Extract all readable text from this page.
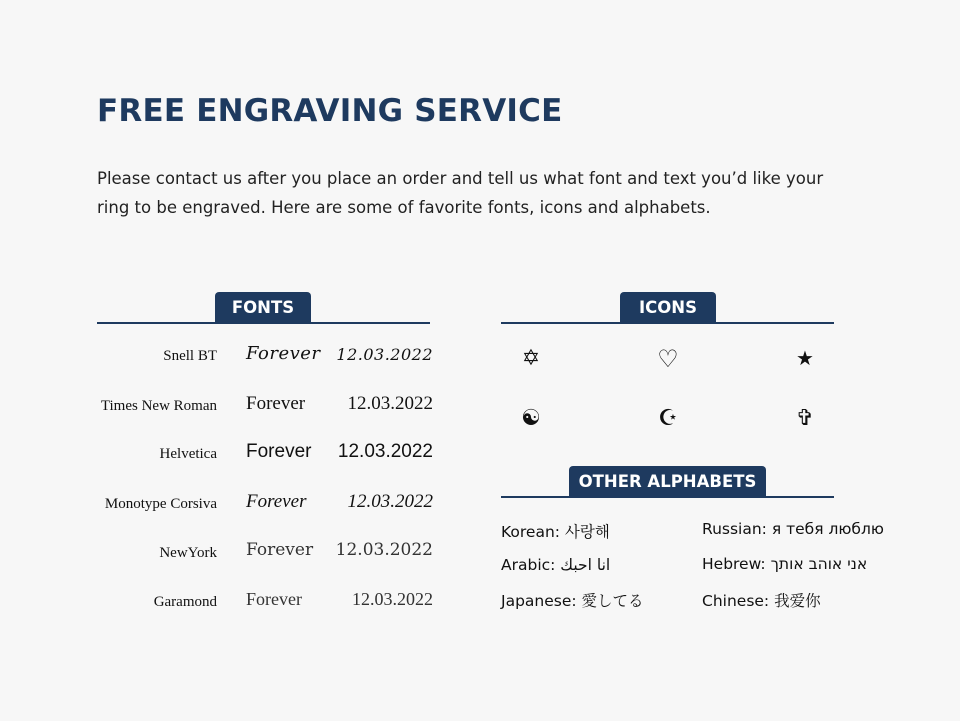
FREE ENGRAVING SERVICE

Please contact us after you place an order and tell us what font and text you’d like your
ring to be engraved. Here are some of favorite fonts, icons and alphabets.

FONTS
Snell BT Forever 12.03.2022
Times New Roman Forever 12.03.2022
Helvetica Forever 12.03.2022
Monotype Corsiva Forever 12.03.2022
NewYork Forever 12.03.2022
Garamond Forever	12.03.2022
ICONS
✡	♡	★
☯	☪	✞
OTHER ALPHABETS
Korean: 사랑해	Russian: я тебя люблю
Arabic: انا احبك	Hebrew: אני אוהב אותך
Japanese: 愛してる	Chinese: 我爱你
